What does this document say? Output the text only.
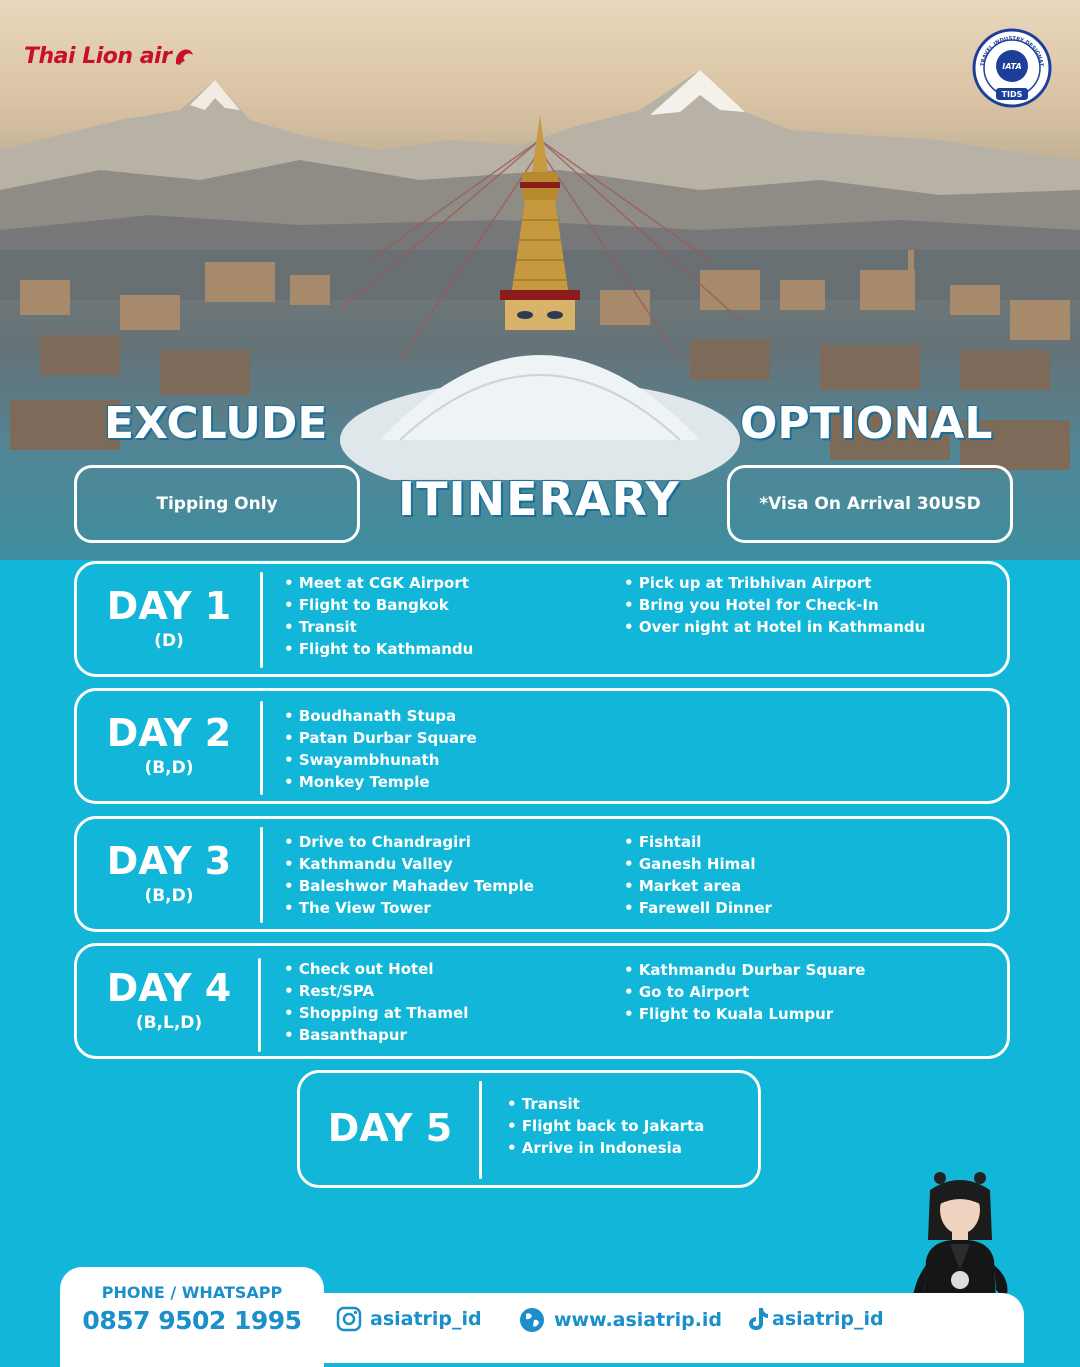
Thai Lion air	TRAVEL INDUSTRY DESIGNAT
IATA
TIDS
EXCLUDE	OPTIONAL
ITINERARY
Tipping Only	*Visa On Arrival 30USD
DAY 1
(D)
• Meet at CGK Airport
• Flight to Bangkok
• Transit
• Flight to Kathmandu
• Pick up at Tribhivan Airport
• Bring you Hotel for Check-In
• Over night at Hotel in Kathmandu
DAY 2
(B,D)
• Boudhanath Stupa
• Patan Durbar Square
• Swayambhunath
• Monkey Temple
DAY 3
(B,D)
• Drive to Chandragiri
• Kathmandu Valley
• Baleshwor Mahadev Temple
• The View Tower
• Fishtail
• Ganesh Himal
• Market area
• Farewell Dinner
DAY 4
(B,L,D)
• Check out Hotel
• Rest/SPA
• Shopping at Thamel
• Basanthapur
• Kathmandu Durbar Square
• Go to Airport
• Flight to Kuala Lumpur
DAY 5
• Transit
• Flight back to Jakarta
• Arrive in Indonesia
PHONE / WHATSAPP
0857 9502 1995	asiatrip_id	www.asiatrip.id	asiatrip_id
